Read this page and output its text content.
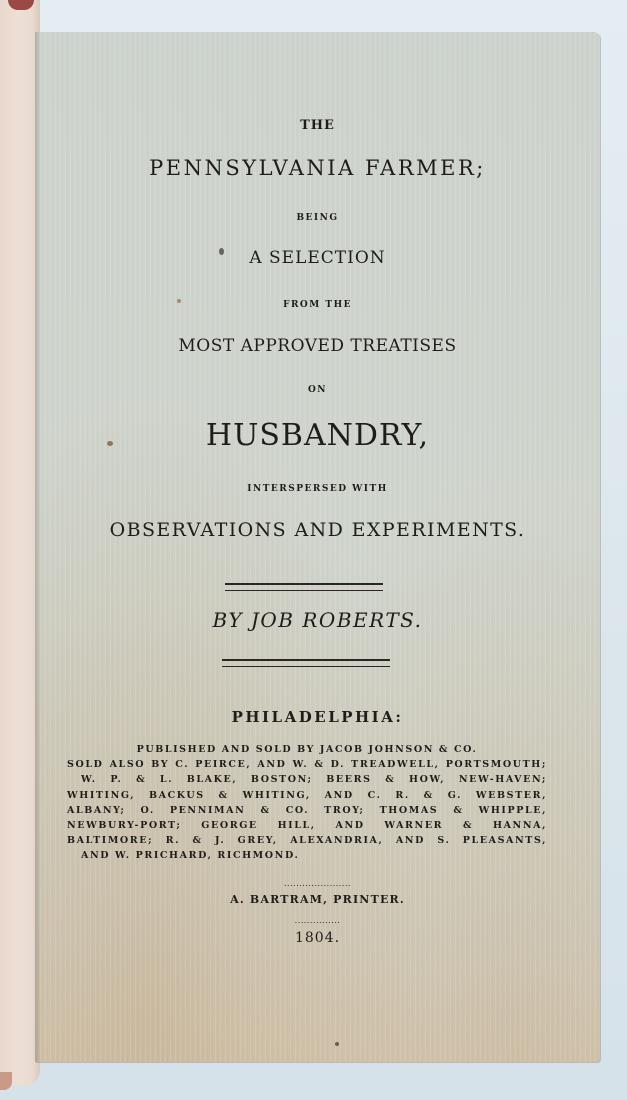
THE
PENNSYLVANIA FARMER;
BEING
A SELECTION
FROM THE
MOST APPROVED TREATISES
ON
HUSBANDRY,
INTERSPERSED WITH
OBSERVATIONS AND EXPERIMENTS.
BY JOB ROBERTS.
PHILADELPHIA:
PUBLISHED AND SOLD BY JACOB JOHNSON & CO.
SOLD ALSO BY C. PEIRCE, AND W. & D. TREADWELL, PORTSMOUTH;
W. P. & L. BLAKE, BOSTON; BEERS & HOW, NEW-HAVEN;
WHITING, BACKUS & WHITING, AND C. R. & G. WEBSTER,
ALBANY; O. PENNIMAN & CO. TROY; THOMAS & WHIPPLE,
NEWBURY-PORT; GEORGE HILL, AND WARNER & HANNA,
BALTIMORE; R. & J. GREY, ALEXANDRIA, AND S. PLEASANTS,
AND W. PRICHARD, RICHMOND.
......................
A. BARTRAM, PRINTER.
...............
1804.
